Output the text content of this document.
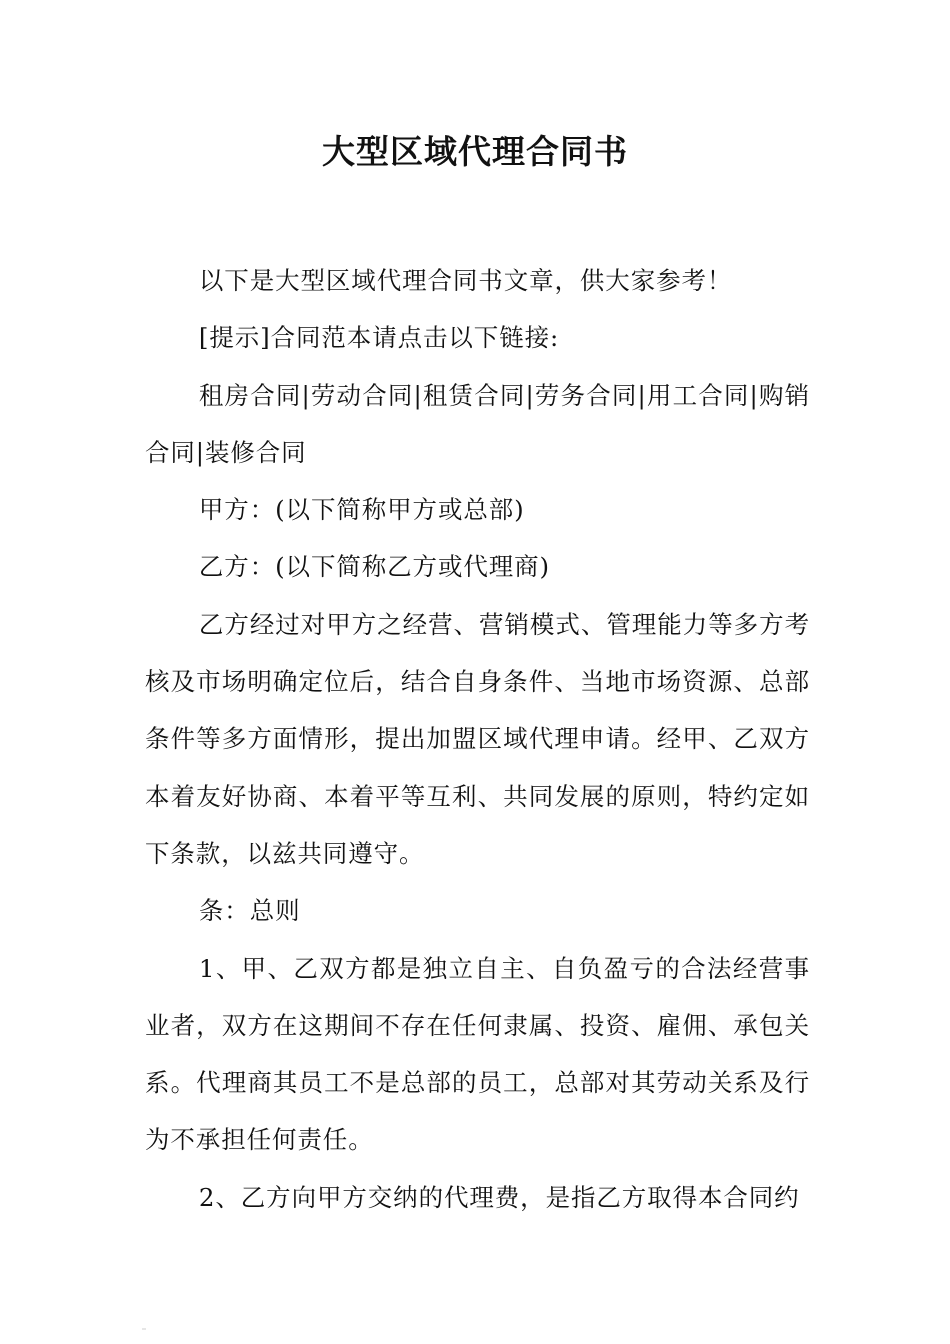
大型区域代理合同书

以下是大型区域代理合同书文章，供大家参考！

[提示]合同范本请点击以下链接:

租房合同|劳动合同|租赁合同|劳务合同|用工合同|购销合同|装修合同

甲方：(以下简称甲方或总部)

乙方：(以下简称乙方或代理商)

乙方经过对甲方之经营、营销模式、管理能力等多方考核及市场明确定位后，结合自身条件、当地市场资源、总部条件等多方面情形，提出加盟区域代理申请。经甲、乙双方本着友好协商、本着平等互利、共同发展的原则，特约定如下条款，以兹共同遵守。

条：总则

1、甲、乙双方都是独立自主、自负盈亏的合法经营事业者，双方在这期间不存在任何隶属、投资、雇佣、承包关系。代理商其员工不是总部的员工，总部对其劳动关系及行为不承担任何责任。

2、乙方向甲方交纳的代理费，是指乙方取得本合同约
